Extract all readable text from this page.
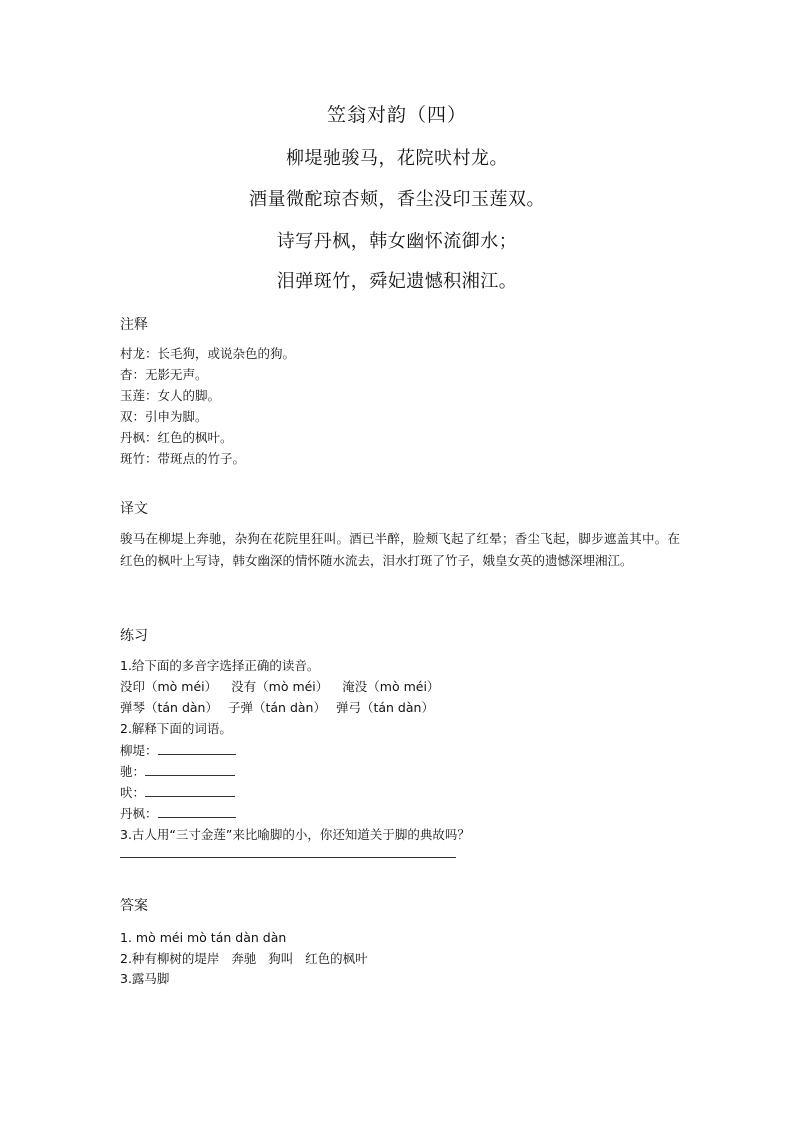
笠翁对韵（四）
柳堤驰骏马，花院吠村龙。
酒量微酡琼杏颊，香尘没印玉莲双。
诗写丹枫，韩女幽怀流御水；
泪弹斑竹，舜妃遗憾积湘江。
注释
村龙：长毛狗，或说杂色的狗。
杳：无影无声。
玉莲：女人的脚。
双：引申为脚。
丹枫：红色的枫叶。
斑竹：带斑点的竹子。
译文
骏马在柳堤上奔驰，杂狗在花院里狂叫。酒已半醉，脸颊飞起了红晕；香尘飞起，脚步遮盖其中。在红色的枫叶上写诗，韩女幽深的情怀随水流去，泪水打斑了竹子，娥皇女英的遗憾深埋湘江。
练习
1.给下面的多音字选择正确的读音。
没印（mò méi） 没有（mò méi） 淹没（mò méi）
弹琴（tán dàn） 子弹（tán dàn） 弹弓（tán dàn）
2.解释下面的词语。
柳堤：
驰：
吠：
丹枫：
3.古人用“三寸金莲”来比喻脚的小，你还知道关于脚的典故吗？
答案
1. mò méi mò tán dàn dàn
2.种有柳树的堤岸   奔驰   狗叫   红色的枫叶
3.露马脚
